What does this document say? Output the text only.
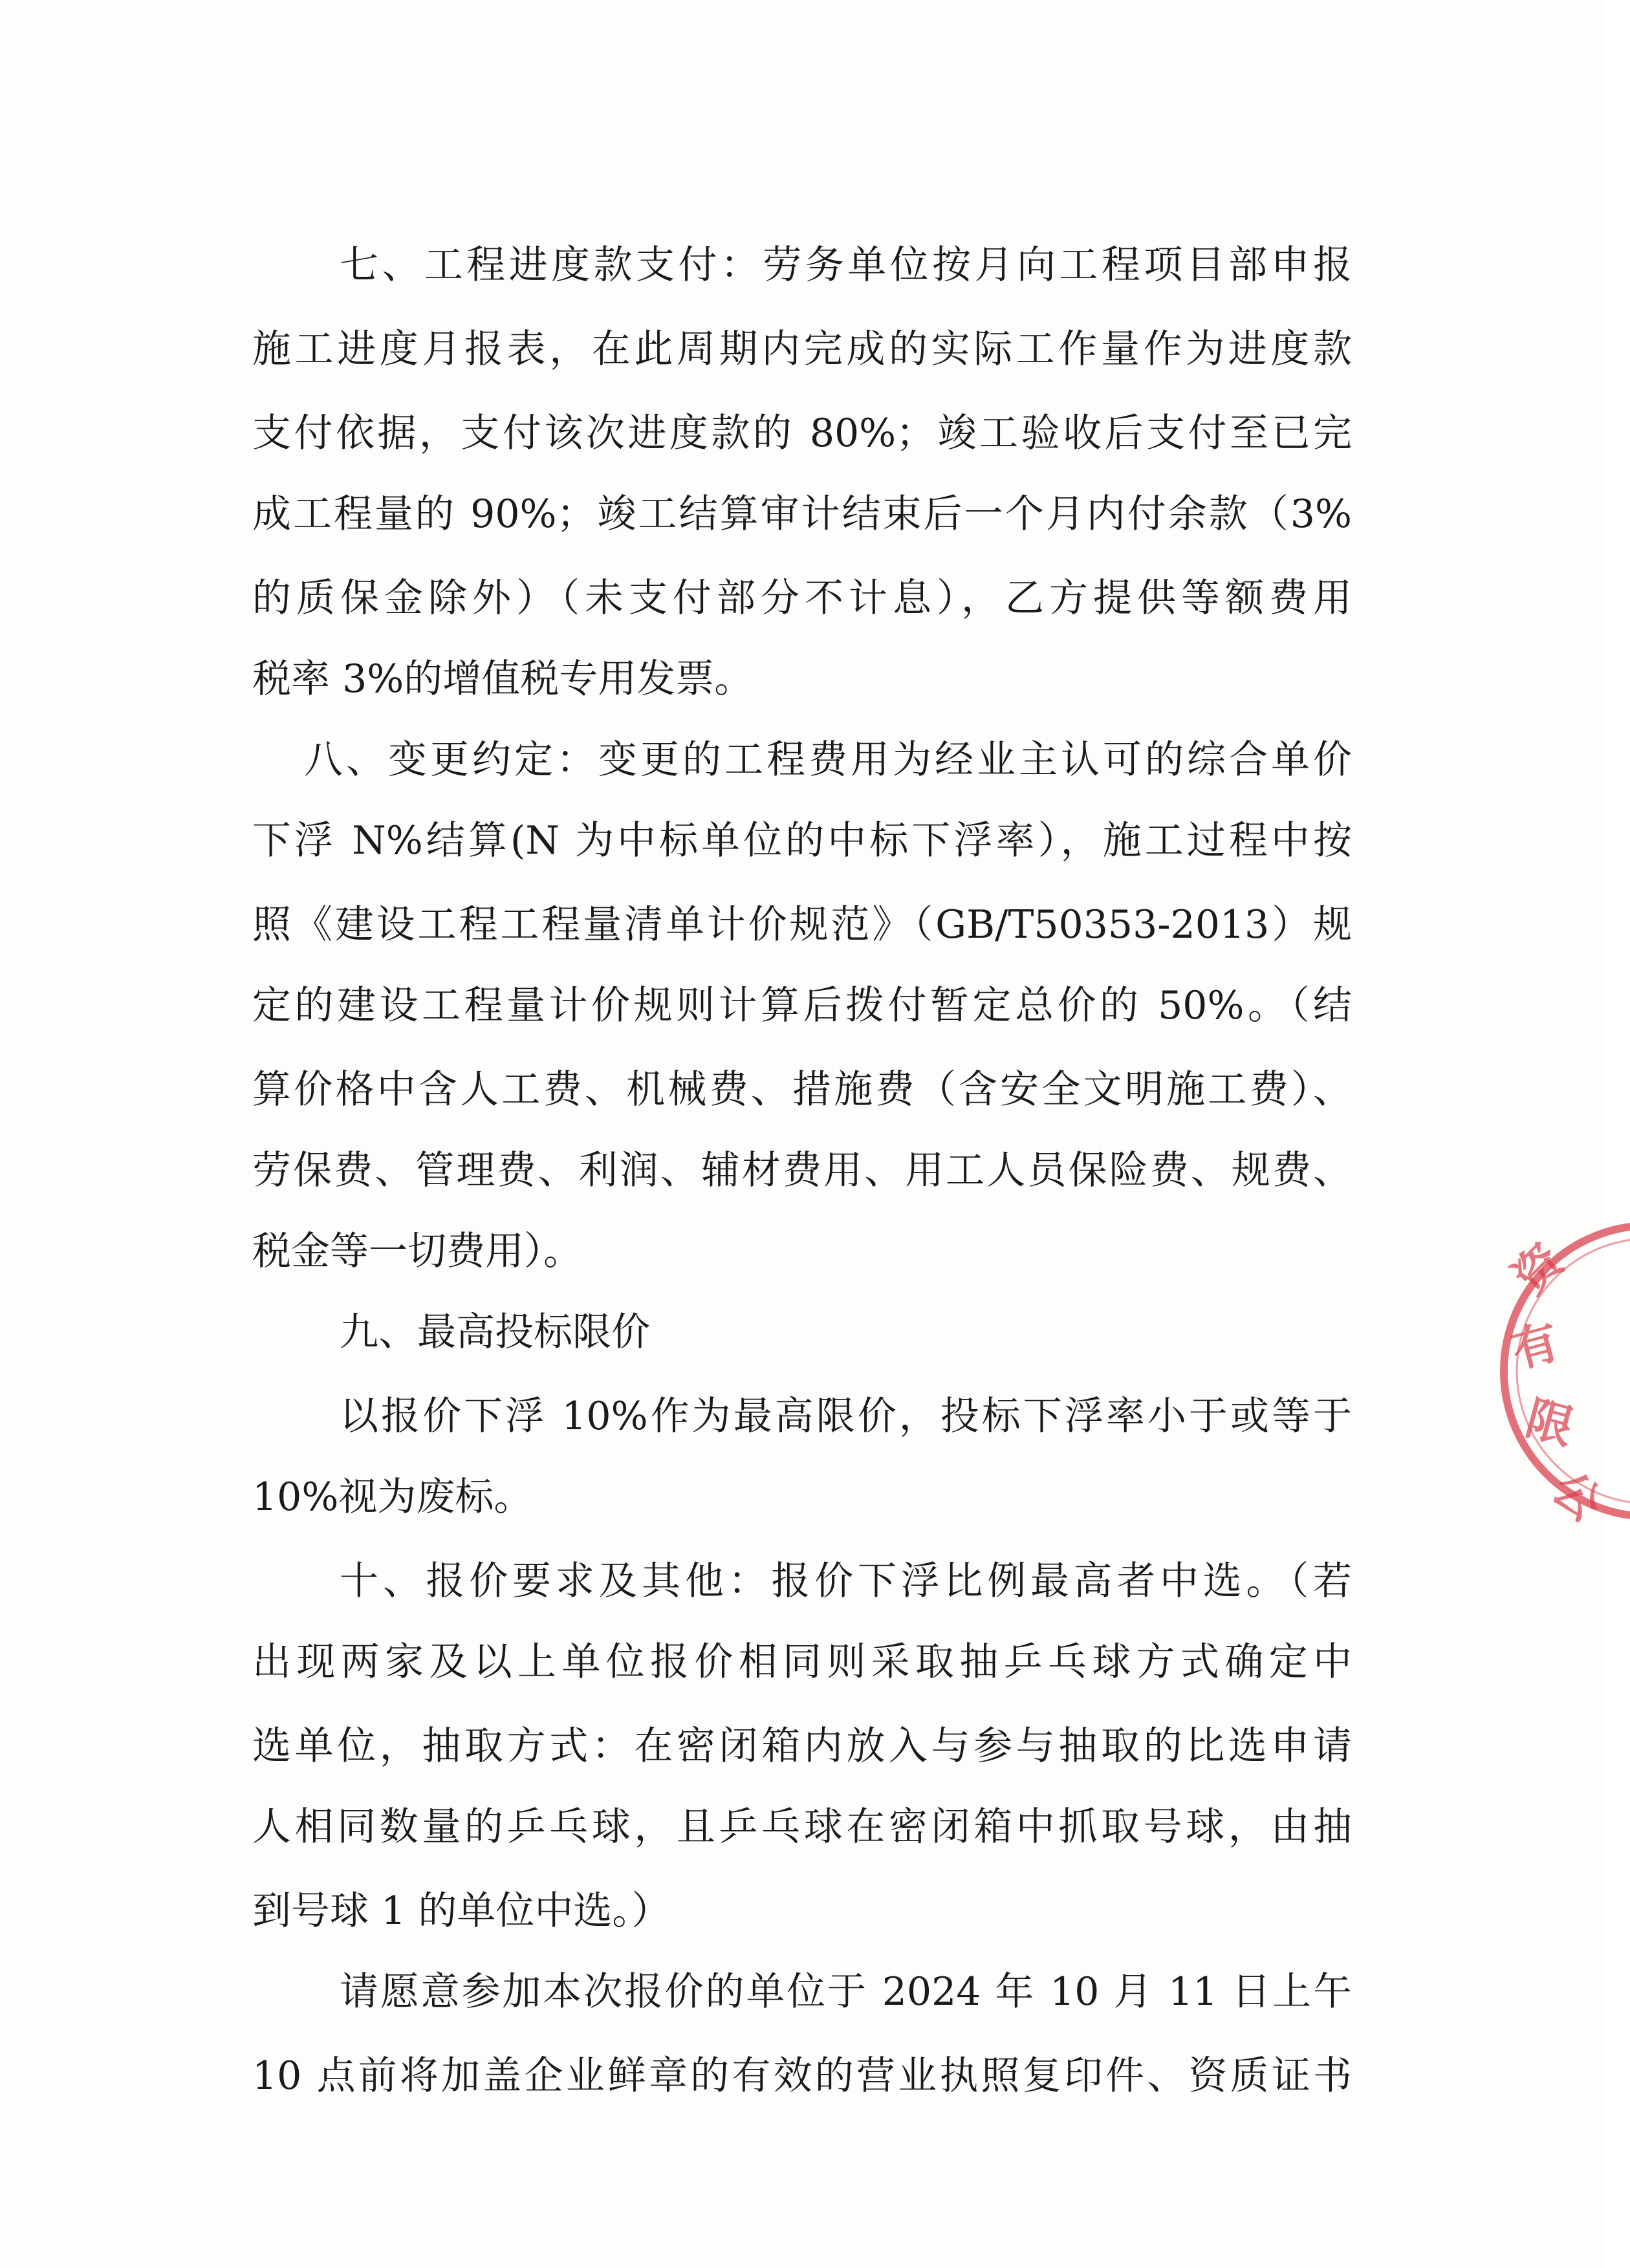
七、工程进度款支付：劳务单位按月向工程项目部申报
施工进度月报表，在此周期内完成的实际工作量作为进度款
支付依据，支付该次进度款的 80%；竣工验收后支付至已完
成工程量的 90%；竣工结算审计结束后一个月内付余款（3%
的质保金除外）（未支付部分不计息），乙方提供等额费用
税率 3%的增值税专用发票。
八、变更约定：变更的工程费用为经业主认可的综合单价
下浮 N%结算(N 为中标单位的中标下浮率），施工过程中按
照《建设工程工程量清单计价规范》（GB/T50353-2013）规
定的建设工程量计价规则计算后拨付暂定总价的 50%。（结
算价格中含人工费、机械费、措施费（含安全文明施工费）、
劳保费、管理费、利润、辅材费用、用工人员保险费、规费、
税金等一切费用）。
九、最高投标限价
以报价下浮 10%作为最高限价，投标下浮率小于或等于
10%视为废标。
十、报价要求及其他：报价下浮比例最高者中选。（若
出现两家及以上单位报价相同则采取抽乒乓球方式确定中
选单位，抽取方式：在密闭箱内放入与参与抽取的比选申请
人相同数量的乒乓球，且乒乓球在密闭箱中抓取号球，由抽
到号球 1 的单位中选。）
请愿意参加本次报价的单位于 2024 年 10 月 11 日上午
10 点前将加盖企业鲜章的有效的营业执照复印件、资质证书
资
有
限
公
